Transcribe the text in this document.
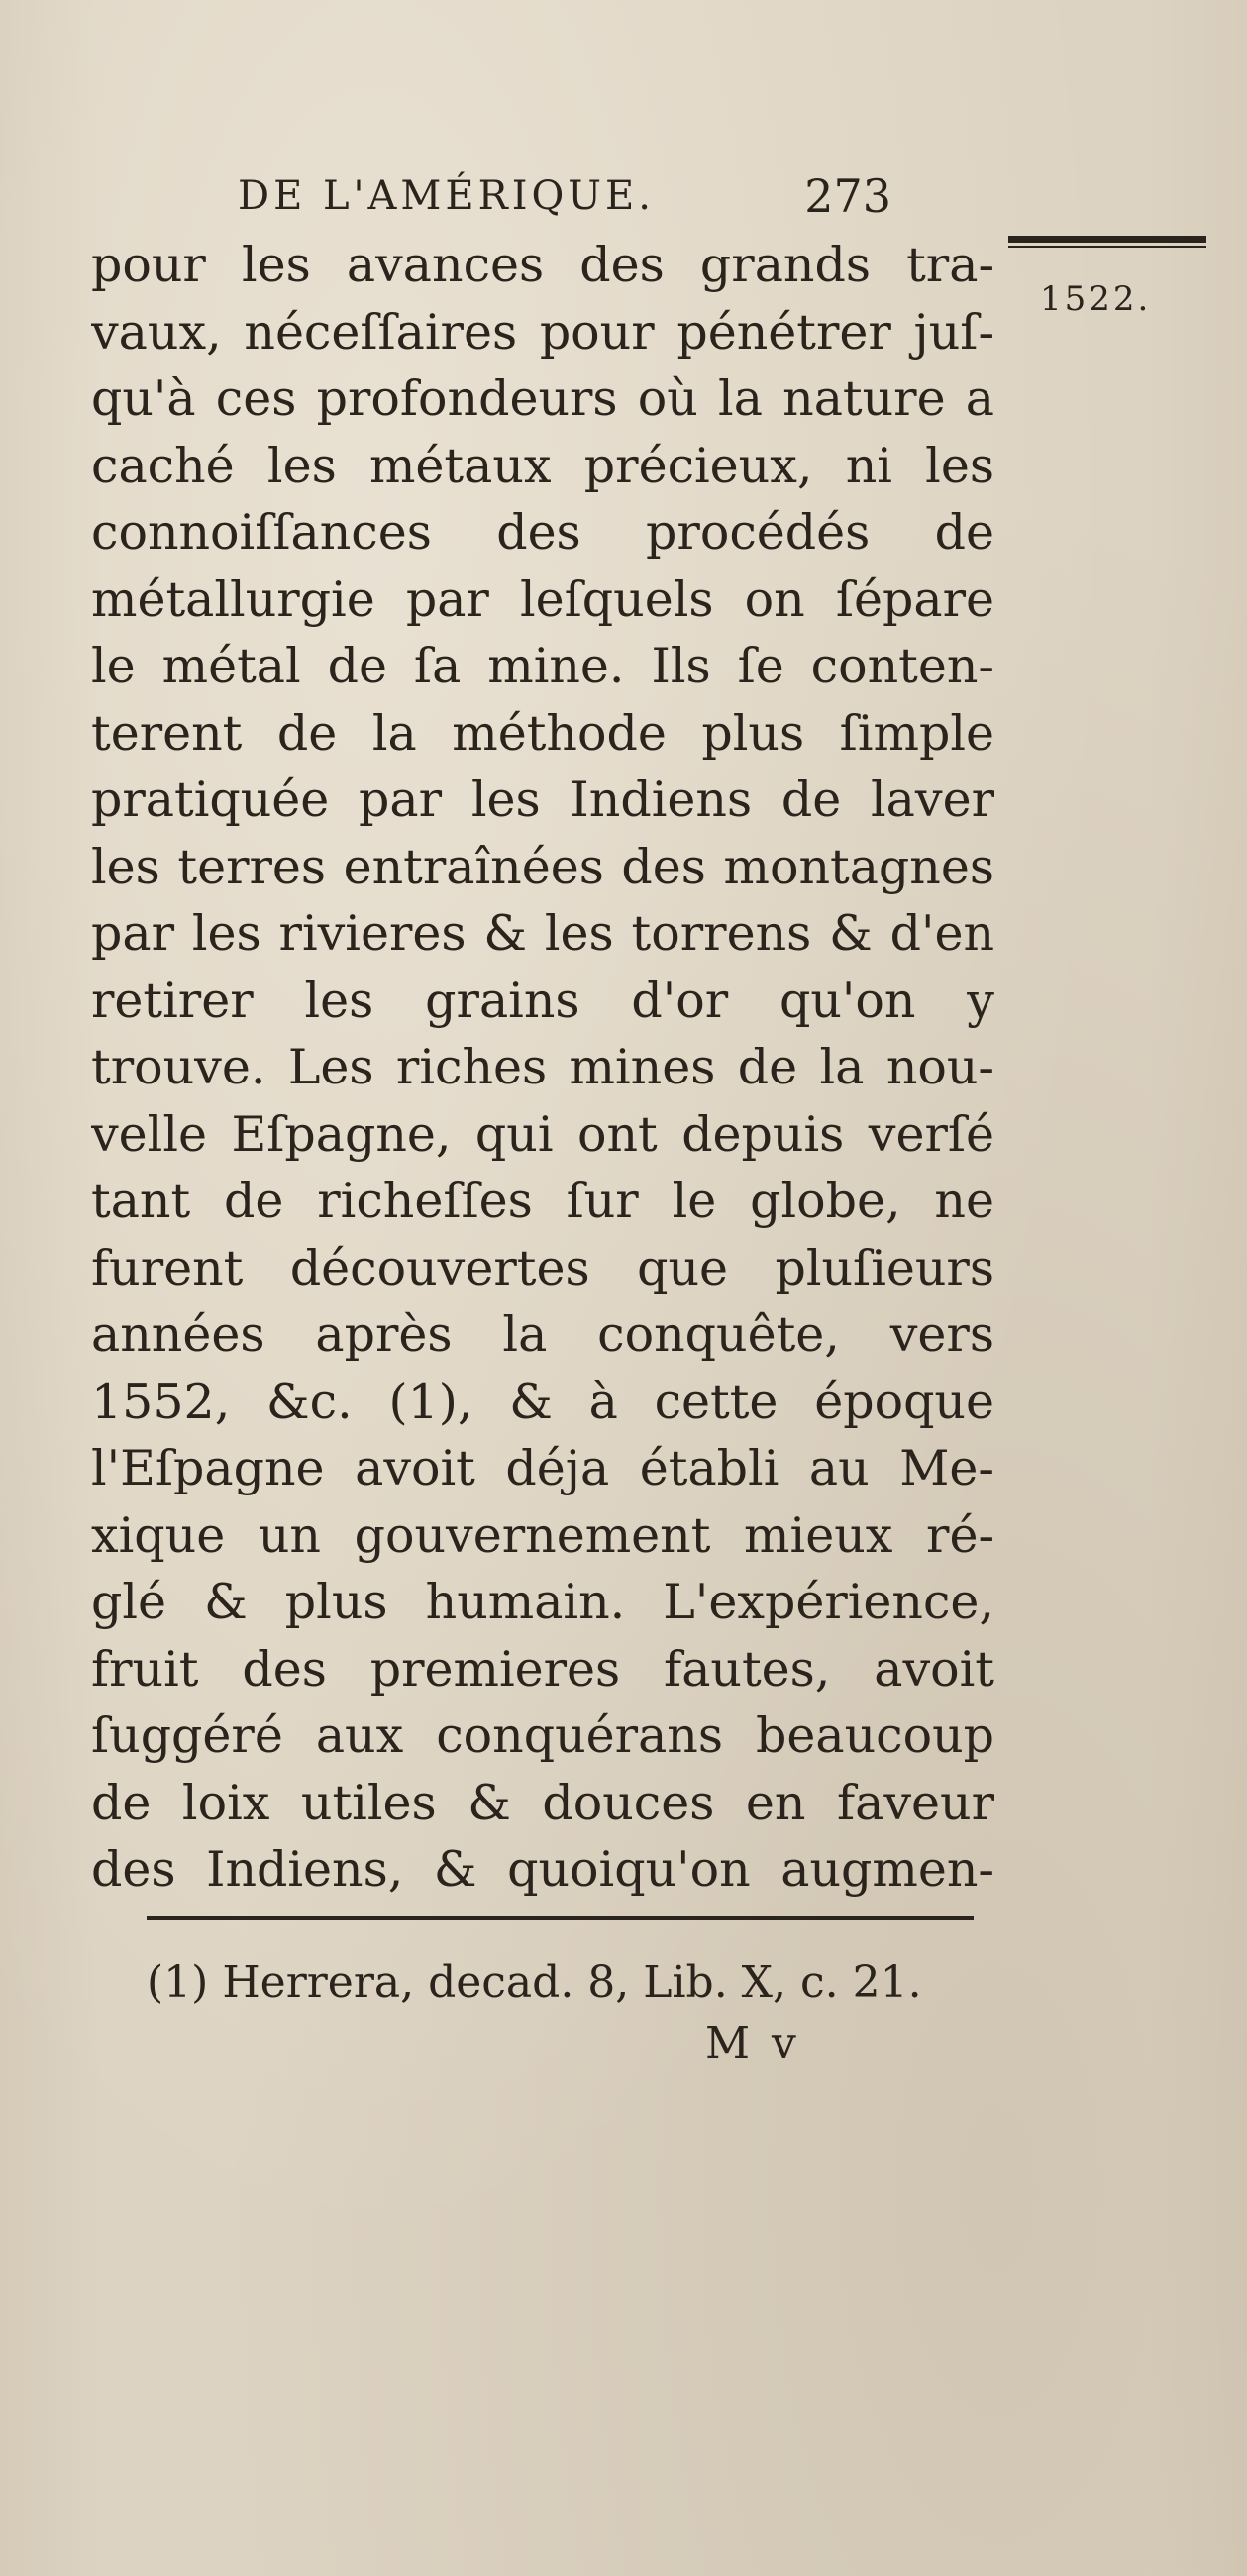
DE L'AMÉRIQUE.	273
1522.
pour les avances des grands tra-
vaux, néceſſaires pour pénétrer juſ-
qu'à ces profondeurs où la nature a
caché les métaux précieux, ni les
connoiſſances des procédés de
métallurgie par leſquels on ſépare
le métal de ſa mine. Ils ſe conten-
terent de la méthode plus ſimple
pratiquée par les Indiens de laver
les terres entraînées des montagnes
par les rivieres & les torrens & d'en
retirer les grains d'or qu'on y
trouve. Les riches mines de la nou-
velle Eſpagne, qui ont depuis verſé
tant de richeſſes ſur le globe, ne
furent découvertes que pluſieurs
années après la conquête, vers
1552, &c. (1), & à cette époque
l'Eſpagne avoit déja établi au Me-
xique un gouvernement mieux ré-
glé & plus humain. L'expérience,
fruit des premieres fautes, avoit
ſuggéré aux conquérans beaucoup
de loix utiles & douces en faveur
des Indiens, & quoiqu'on augmen-
(1) Herrera, decad. 8, Lib. X, c. 21.
M v
